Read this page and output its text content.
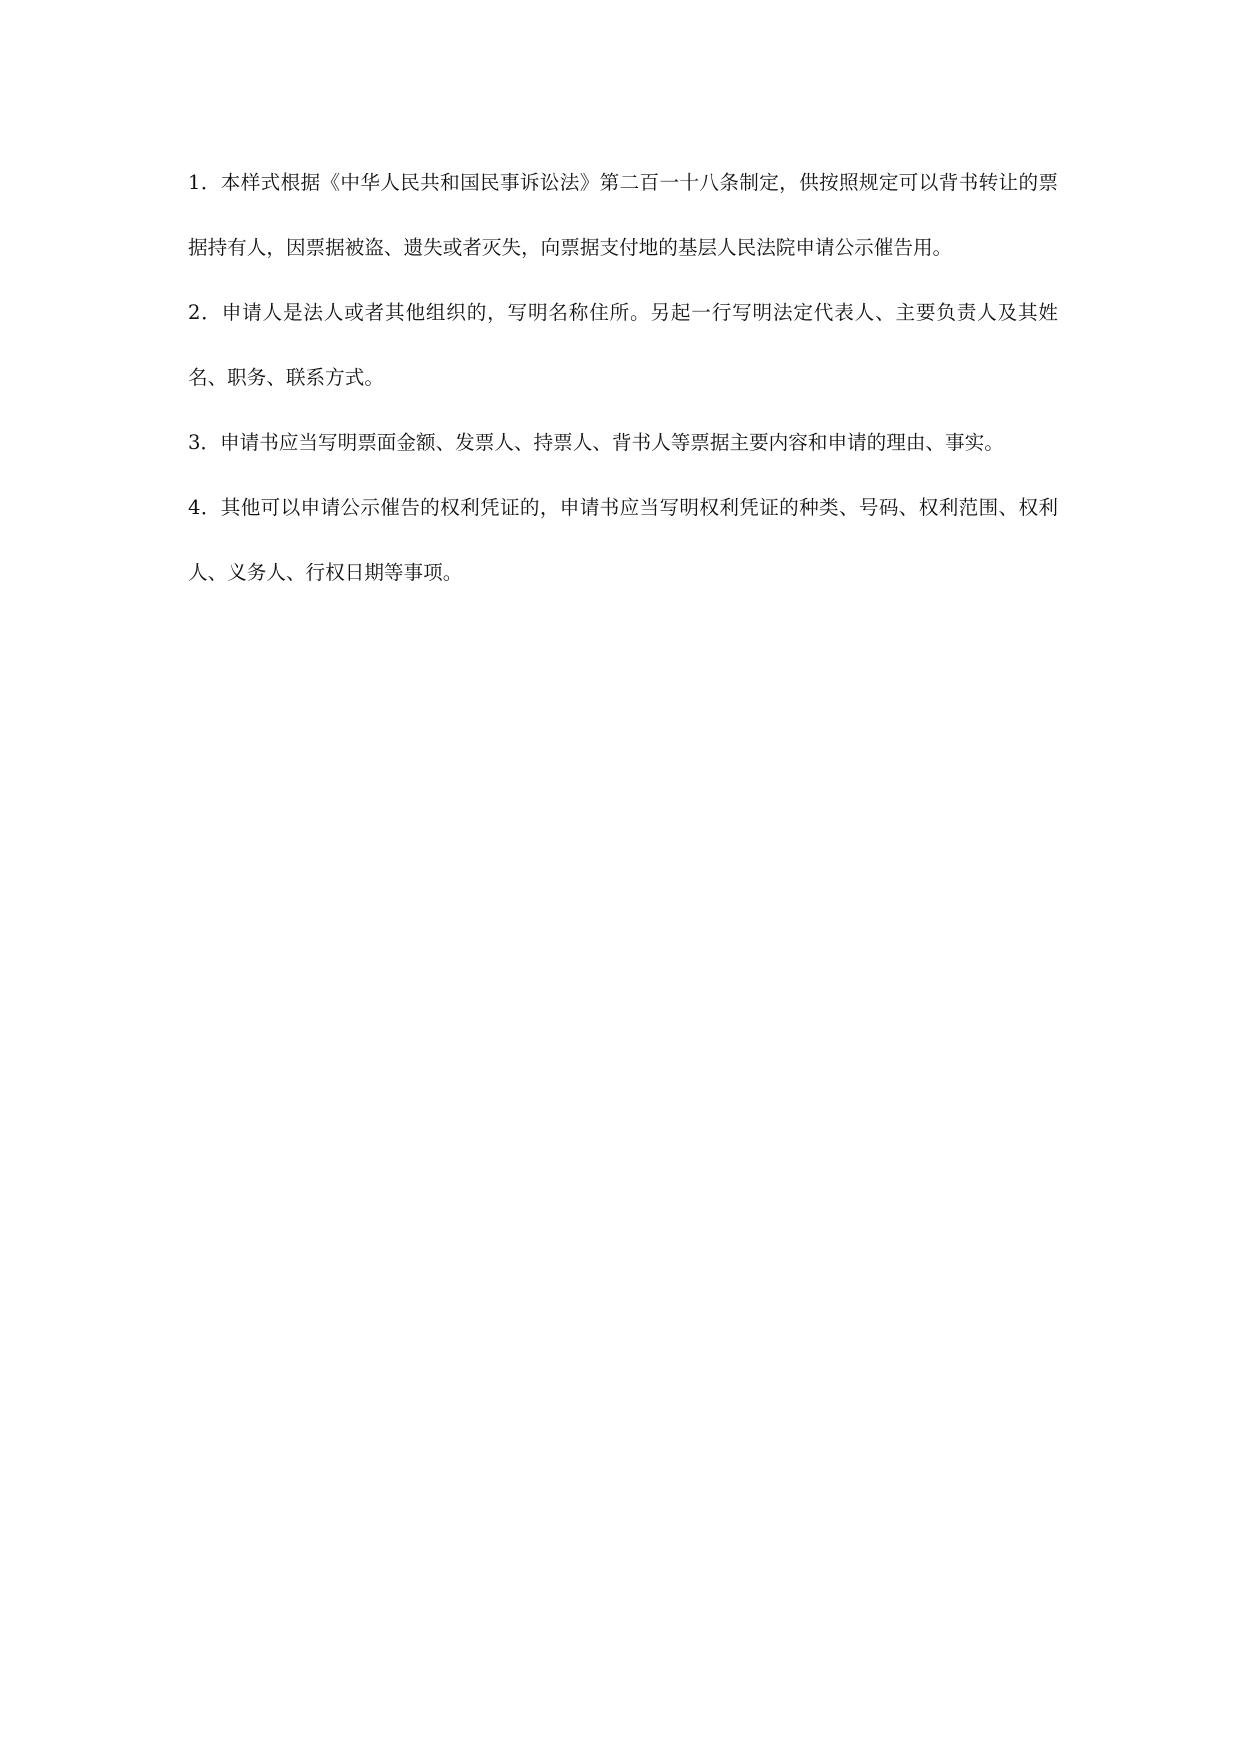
1．本样式根据《中华人民共和国民事诉讼法》第二百一十八条制定，供按照规定可以背书转让的票据持有人，因票据被盗、遗失或者灭失，向票据支付地的基层人民法院申请公示催告用。

2．申请人是法人或者其他组织的，写明名称住所。另起一行写明法定代表人、主要负责人及其姓名、职务、联系方式。

3．申请书应当写明票面金额、发票人、持票人、背书人等票据主要内容和申请的理由、事实。

4．其他可以申请公示催告的权利凭证的，申请书应当写明权利凭证的种类、号码、权利范围、权利人、义务人、行权日期等事项。
